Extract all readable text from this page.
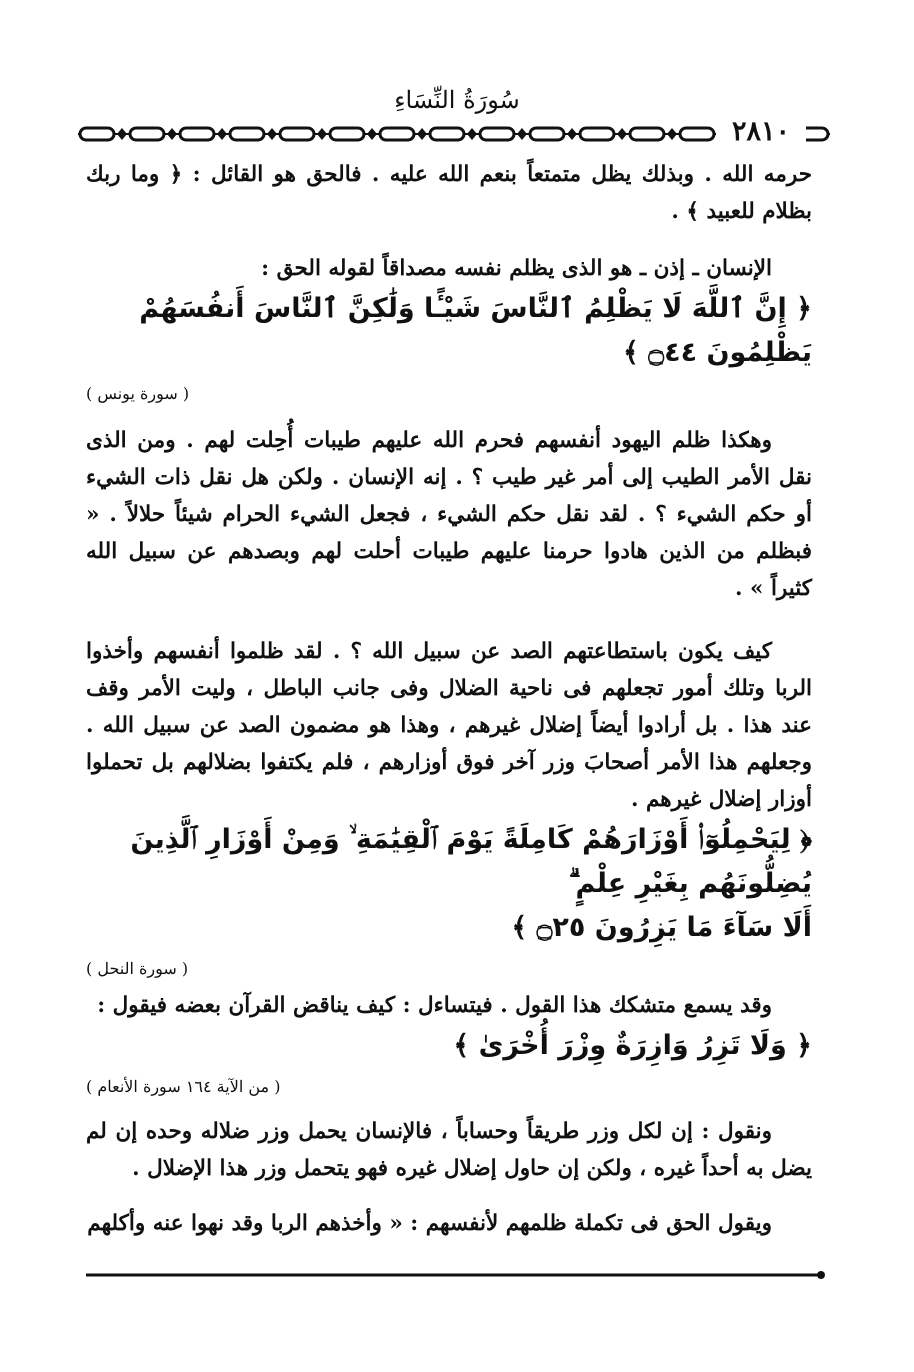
سُورَةُ النِّسَاءِ
٢٨١٠

حرمه الله . وبذلك يظل متمتعاً بنعم الله عليه . فالحق هو القائل : ﴿ وما ربك بظلام للعبيد ﴾ .

الإنسان ـ إذن ـ هو الذى يظلم نفسه مصداقاً لقوله الحق :

﴿ إِنَّ ٱللَّهَ لَا يَظْلِمُ ٱلنَّاسَ شَيْـًٔا وَلَٰكِنَّ ٱلنَّاسَ أَنفُسَهُمْ يَظْلِمُونَ ۝٤٤ ﴾

( سورة يونس )

وهكذا ظلم اليهود أنفسهم فحرم الله عليهم طيبات أُحِلت لهم . ومن الذى نقل الأمر الطيب إلى أمر غير طيب ؟ . إنه الإنسان . ولكن هل نقل ذات الشيء أو حكم الشيء ؟ . لقد نقل حكم الشيء ، فجعل الشيء الحرام شيئاً حلالاً . « فبظلم من الذين هادوا حرمنا عليهم طيبات أحلت لهم وبصدهم عن سبيل الله كثيراً » .

كيف يكون باستطاعتهم الصد عن سبيل الله ؟ . لقد ظلموا أنفسهم وأخذوا الربا وتلك أمور تجعلهم فى ناحية الضلال وفى جانب الباطل ، وليت الأمر وقف عند هذا . بل أرادوا أيضاً إضلال غيرهم ، وهذا هو مضمون الصد عن سبيل الله . وجعلهم هذا الأمر أصحابَ وزر آخر فوق أوزارهم ، فلم يكتفوا بضلالهم بل تحملوا أوزار إضلال غيرهم .

﴿ لِيَحْمِلُوٓا۟ أَوْزَارَهُمْ كَامِلَةً يَوْمَ ٱلْقِيَٰمَةِ ۙ وَمِنْ أَوْزَارِ ٱلَّذِينَ يُضِلُّونَهُم بِغَيْرِ عِلْمٍ ۗ

أَلَا سَآءَ مَا يَزِرُونَ ۝٢٥ ﴾

( سورة النحل )

وقد يسمع متشكك هذا القول . فيتساءل : كيف يناقض القرآن بعضه فيقول :

﴿ وَلَا تَزِرُ وَازِرَةٌ وِزْرَ أُخْرَىٰ ﴾

( من الآية ١٦٤ سورة الأنعام )

ونقول : إن لكل وزر طريقاً وحساباً ، فالإنسان يحمل وزر ضلاله وحده إن لم يضل به أحداً غيره ، ولكن إن حاول إضلال غيره فهو يتحمل وزر هذا الإضلال .

ويقول الحق فى تكملة ظلمهم لأنفسهم : « وأخذهم الربا وقد نهوا عنه وأكلهم
